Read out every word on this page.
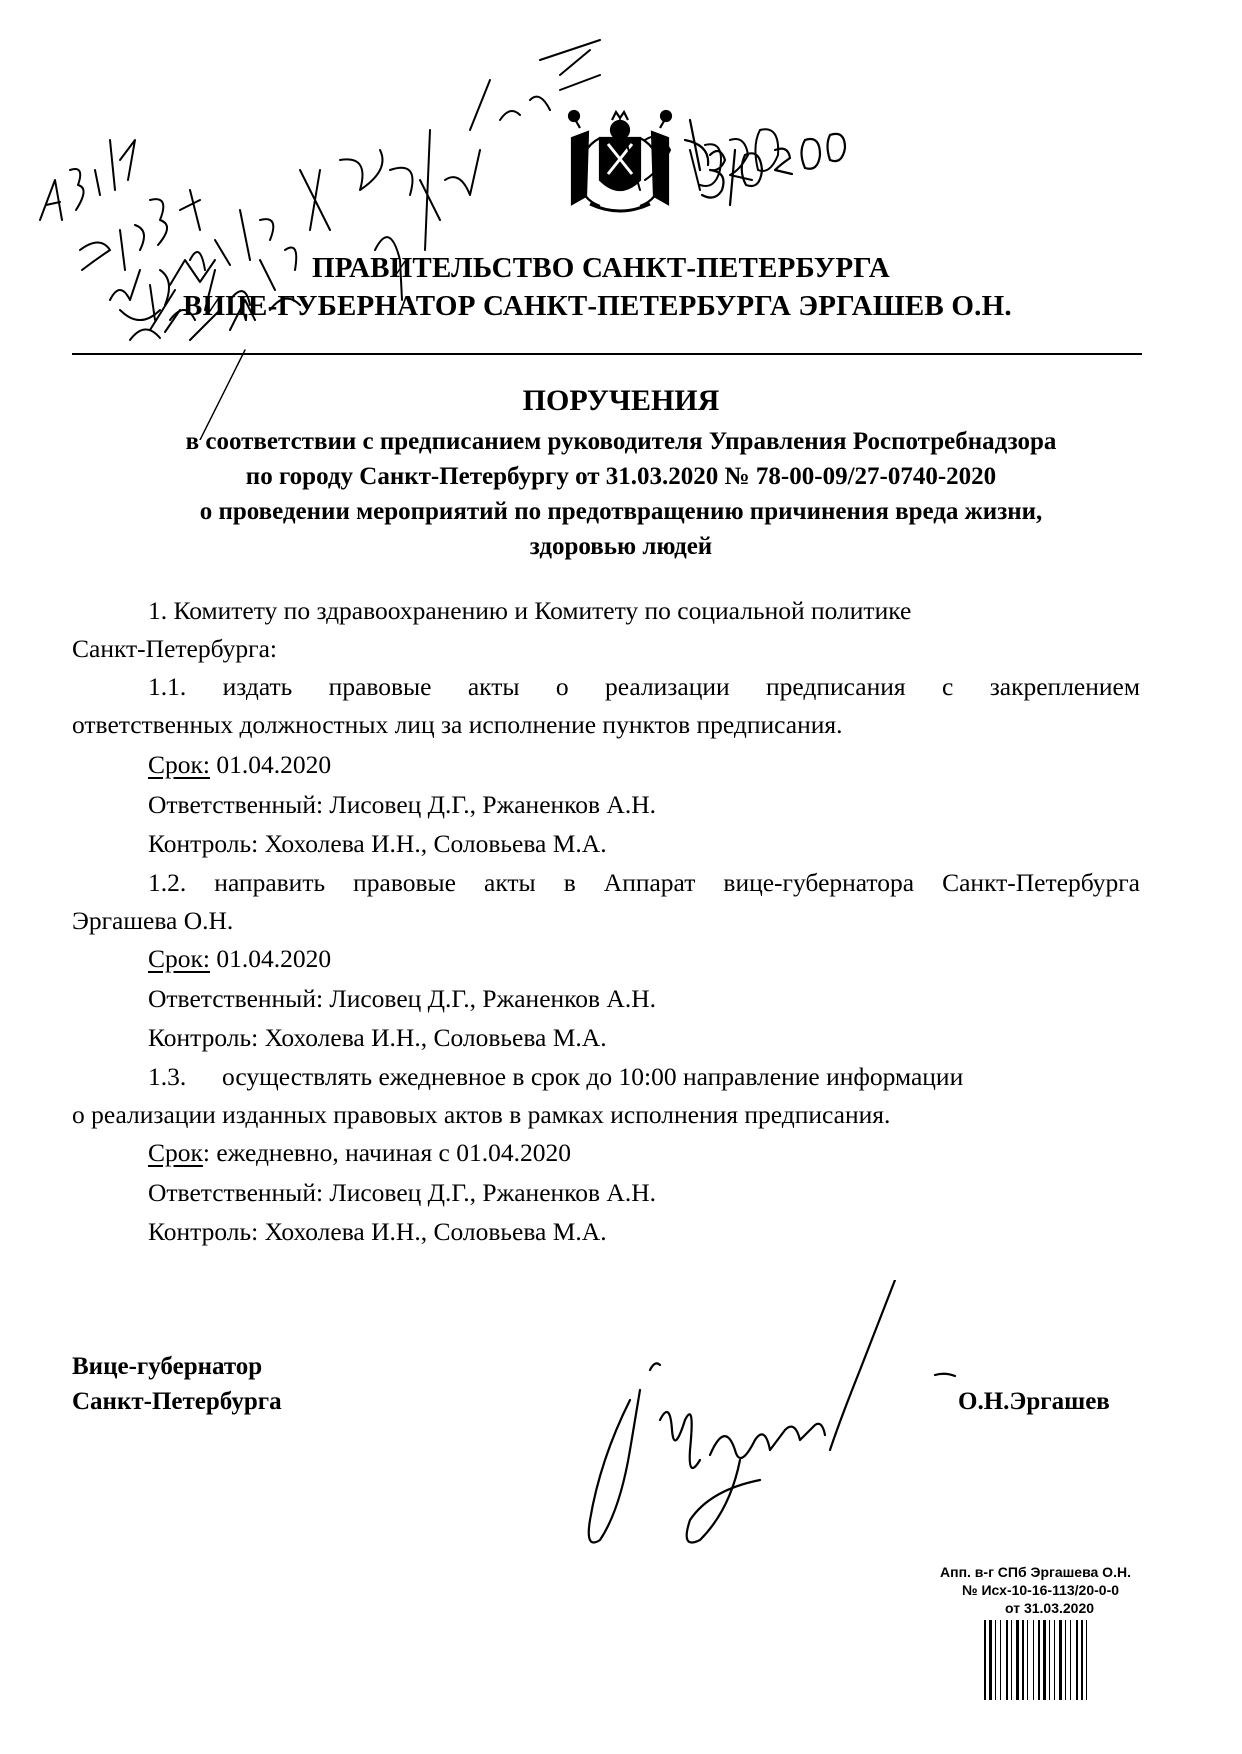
ПРАВИТЕЛЬСТВО САНКТ-ПЕТЕРБУРГА
ВИЦЕ-ГУБЕРНАТОР САНКТ-ПЕТЕРБУРГА ЭРГАШЕВ О.Н.
ПОРУЧЕНИЯ
в соответствии с предписанием руководителя Управления Роспотребнадзора
по городу Санкт-Петербургу от 31.03.2020 № 78-00-09/27-0740-2020
о проведении мероприятий по предотвращению причинения вреда жизни,
здоровью людей
1. Комитету по здравоохранению и Комитету по социальной политике
Санкт-Петербурга:
1.1. издать правовые акты о реализации предписания с закреплением
ответственных должностных лиц за исполнение пунктов предписания.
Срок: 01.04.2020
Ответственный: Лисовец Д.Г., Ржаненков А.Н.
Контроль: Хохолева И.Н., Соловьева М.А.
1.2. направить правовые акты в Аппарат вице-губернатора Санкт-Петербурга
Эргашева О.Н.
Срок: 01.04.2020
Ответственный: Лисовец Д.Г., Ржаненков А.Н.
Контроль: Хохолева И.Н., Соловьева М.А.
1.3. осуществлять ежедневное в срок до 10:00 направление информации
о реализации изданных правовых актов в рамках исполнения предписания.
Срок: ежедневно, начиная с 01.04.2020
Ответственный: Лисовец Д.Г., Ржаненков А.Н.
Контроль: Хохолева И.Н., Соловьева М.А.
Вице-губернатор
Санкт-Петербурга	О.Н.Эргашев
Апп. в-г СПб Эргашева О.Н.
№ Исх-10-16-113/20-0-0
от 31.03.2020
